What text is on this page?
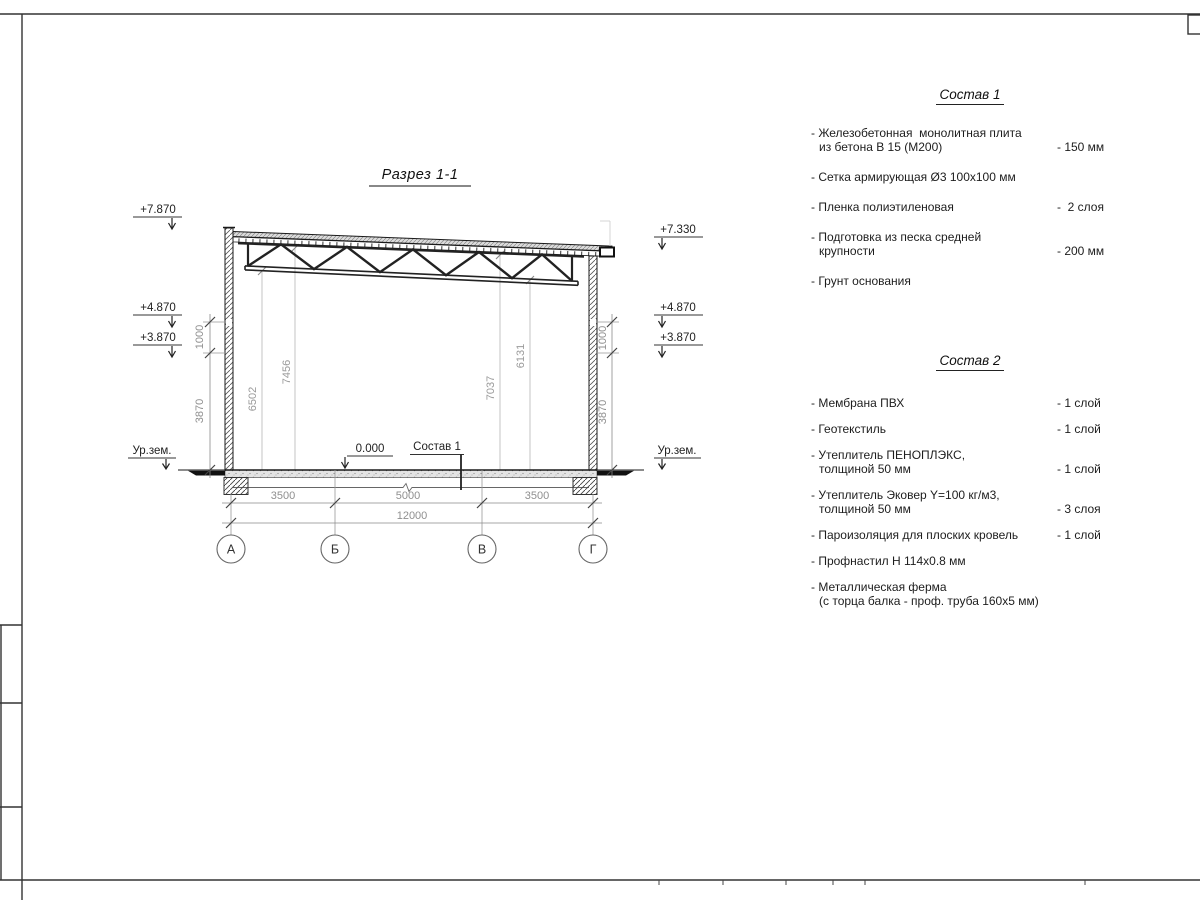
Разрез 1-1
3500	5000	3500
12000
А	Б	В	Г
1000
3870
1000
3870
6502
7456
7037
6131
+7.870
+4.870
+3.870
Ур.зем.
+7.330
+4.870
+3.870
Ур.зем.
0.000	Состав 1
Состав 1
- Железобетонная  монолитная плита
из бетона В 15 (М200)	- 150 мм
- Сетка армирующая Ø3 100x100 мм
- Пленка полиэтиленовая	-  2 слоя
- Подготовка из песка средней
крупности	- 200 мм
- Грунт основания
Состав 2
- Мембрана ПВХ	- 1 слой
- Геотекстиль	- 1 слой
- Утеплитель ПЕНОПЛЭКС,
толщиной 50 мм	- 1 слой
- Утеплитель Эковер Y=100 кг/м3,
толщиной 50 мм	- 3 слоя
- Пароизоляция для плоских кровель	- 1 слой
- Профнастил Н 114x0.8 мм
- Металлическая ферма
(с торца балка - проф. труба 160x5 мм)
